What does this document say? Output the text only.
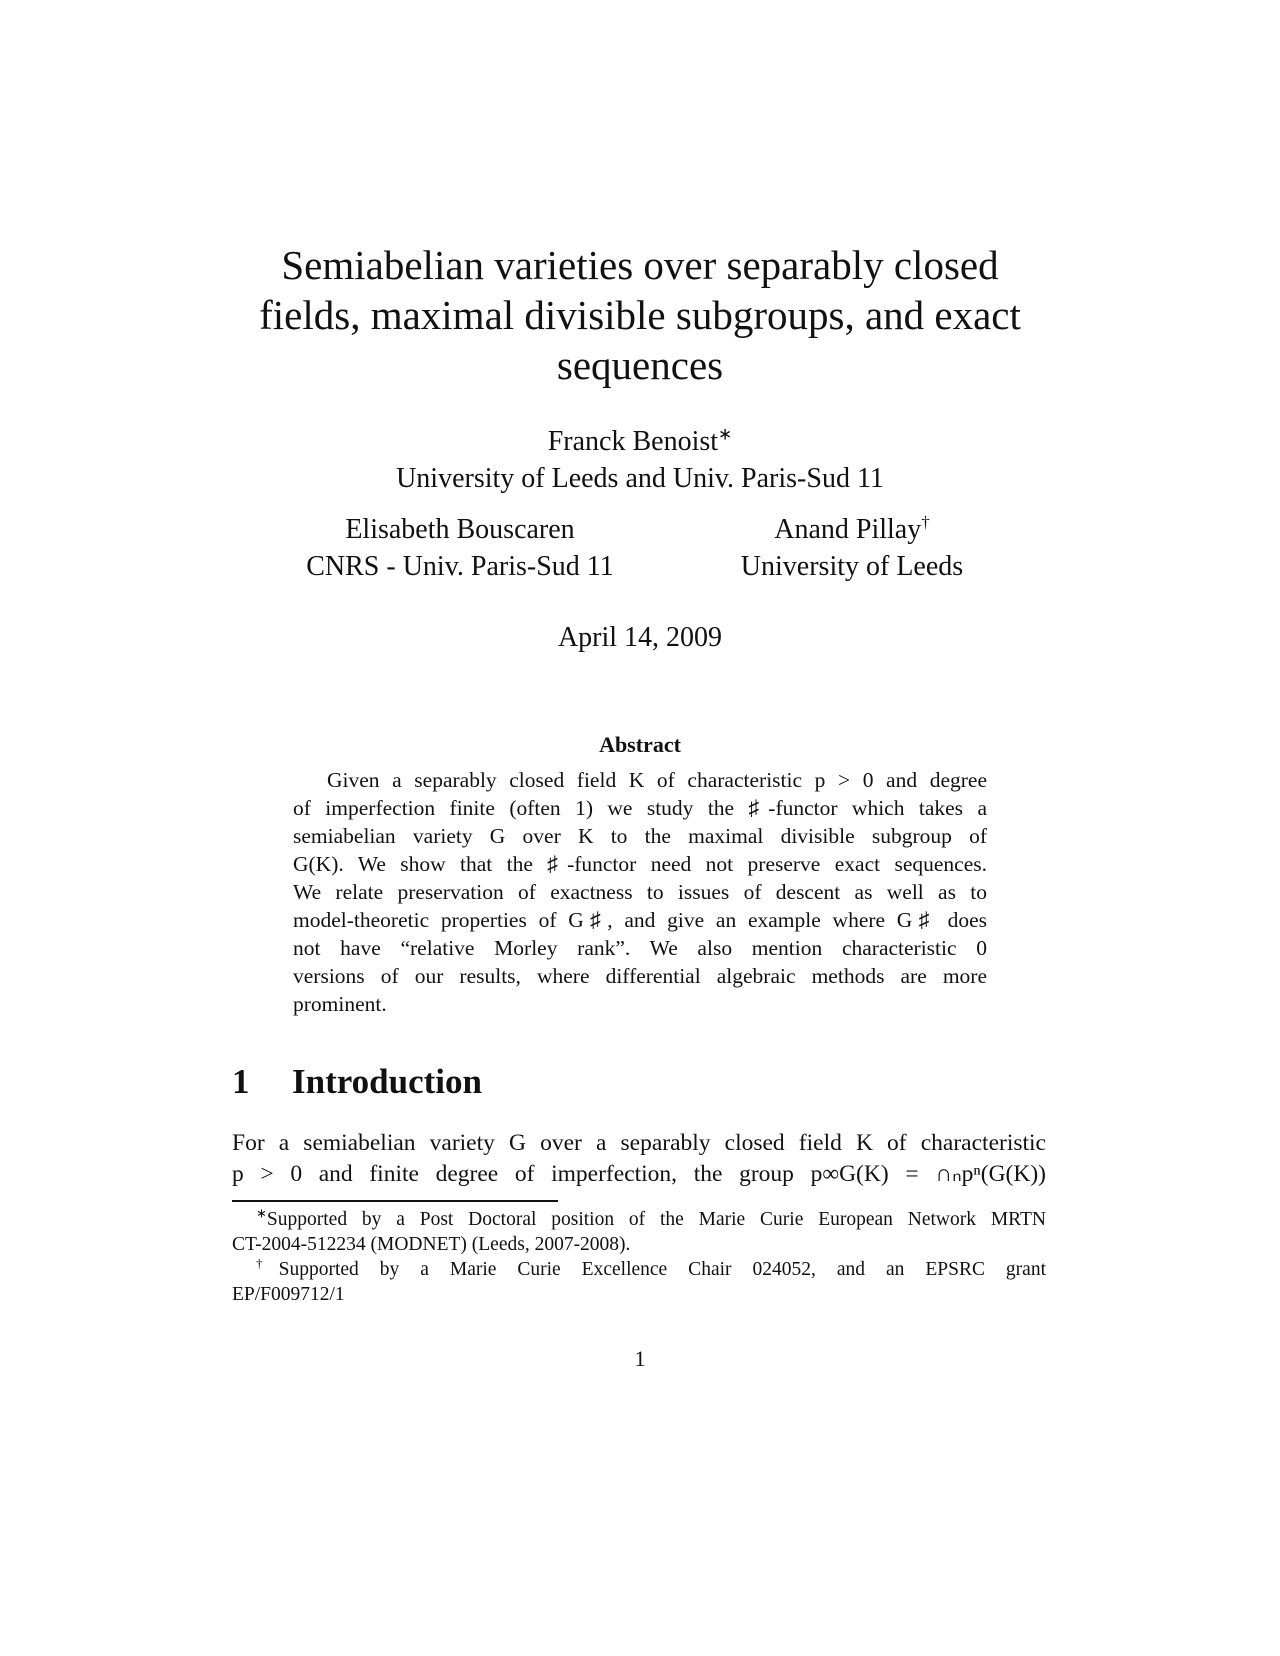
Semiabelian varieties over separably closed
fields, maximal divisible subgroups, and exact
sequences
Franck Benoist∗
University of Leeds and Univ. Paris-Sud 11
Elisabeth Bouscaren
CNRS - Univ. Paris-Sud 11
Anand Pillay†
University of Leeds
April 14, 2009
Abstract
Given a separably closed field K of characteristic p > 0 and degree
of imperfection finite (often 1) we study the ♯-functor which takes a
semiabelian variety G over K to the maximal divisible subgroup of
G(K). We show that the ♯-functor need not preserve exact sequences.
We relate preservation of exactness to issues of descent as well as to
model-theoretic properties of G♯, and give an example where G♯ does
not have “relative Morley rank”. We also mention characteristic 0
versions of our results, where differential algebraic methods are more
prominent.
1 Introduction
For a semiabelian variety G over a separably closed field K of characteristic
p > 0 and finite degree of imperfection, the group p∞G(K) = ∩ₙpⁿ(G(K))
∗Supported by a Post Doctoral position of the Marie Curie European Network MRTN
CT-2004-512234 (MODNET) (Leeds, 2007-2008).
†Supported by a Marie Curie Excellence Chair 024052, and an EPSRC grant
EP/F009712/1
1
